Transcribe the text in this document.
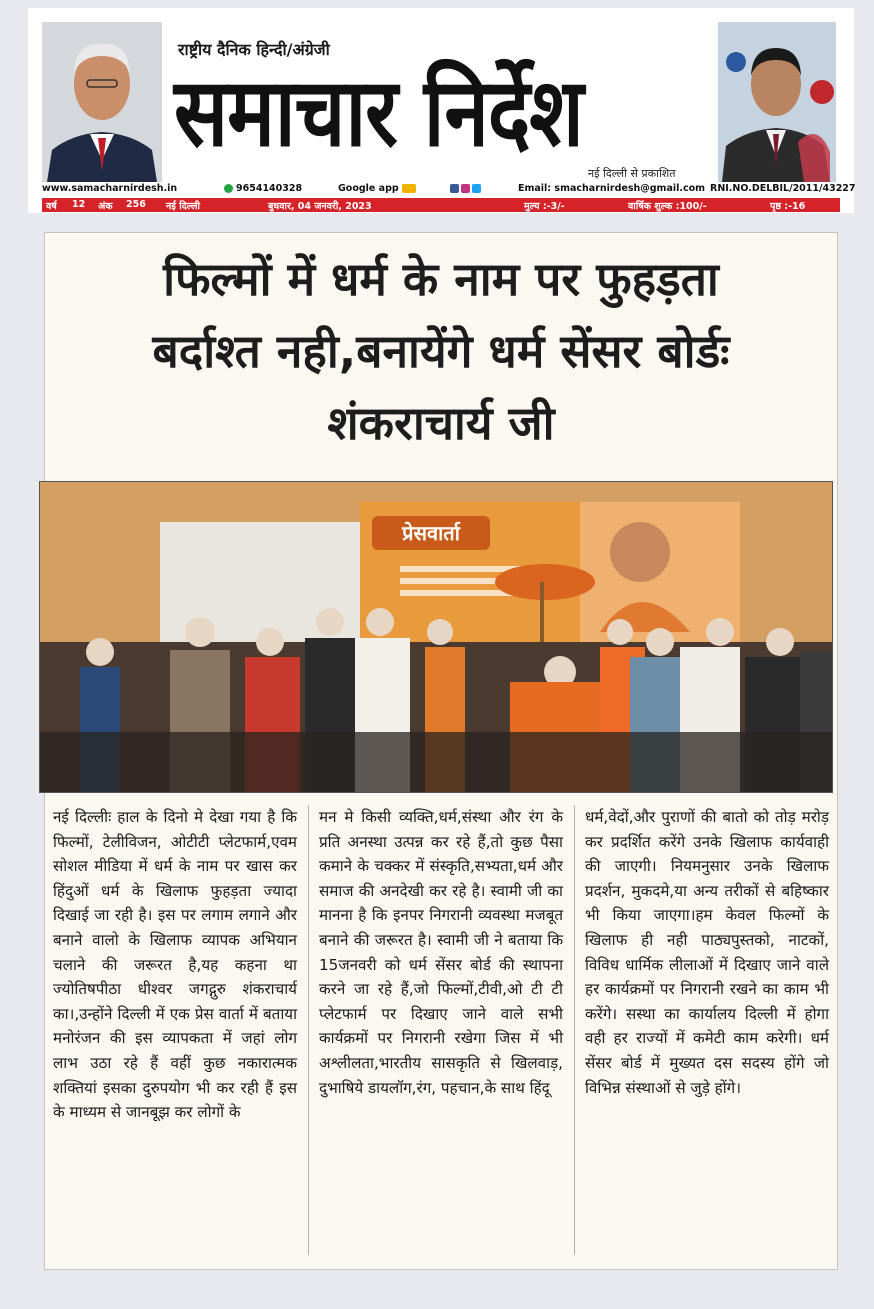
राष्ट्रीय दैनिक हिन्दी/अंग्रेजी
समाचार निर्देश
नई दिल्ली से प्रकाशित
www.samacharnirdesh.in	9654140328	Google app	Email: smacharnirdesh@gmail.com RNI.NO.DELBIL/2011/43227
वर्ष 12 अंक 256 नई दिल्ली	बुधवार, 04 जनवरी, 2023	मुल्य :-3/-	वार्षिक शुल्क :100/-	पृष्ठ :-16
फिल्मों में धर्म के नाम पर फुहड़ता
बर्दाश्त नही,बनायेंगे धर्म सेंसर बोर्डः
शंकराचार्य जी
प्रेसवार्ता
नई दिल्लीः हाल के दिनो मे देखा गया है कि फिल्मों, टेलीविजन, ओटीटी प्लेटफार्म,एवम सोशल मीडिया में धर्म के नाम पर खास कर हिंदुओं धर्म के खिलाफ फुहड़ता ज्यादा दिखाई जा रही है। इस पर लगाम लगाने और बनाने वालो के खिलाफ व्यापक अभियान चलाने की जरूरत है,यह कहना था ज्योतिषपीठा धीश्वर जगद्गुरु शंकराचार्य का।,उन्होंने दिल्ली में एक प्रेस वार्ता में बताया मनोरंजन की इस व्यापकता में जहां लोग लाभ उठा रहे हैं वहीं कुछ नकारात्मक शक्तियां इसका दुरुपयोग भी कर रही हैं इस के माध्यम से जानबूझ कर लोगों के
मन मे किसी व्यक्ति,धर्म,संस्था और रंग के प्रति अनस्था उत्पन्न कर रहे हैं,तो कुछ पैसा कमाने के चक्कर में संस्कृति,सभ्यता,धर्म और समाज की अनदेखी कर रहे है। स्वामी जी का मानना है कि इनपर निगरानी व्यवस्था मजबूत बनाने की जरूरत है। स्वामी जी ने बताया कि 15जनवरी को धर्म सेंसर बोर्ड की स्थापना करने जा रहे हैं,जो फिल्मों,टीवी,ओ टी टी प्लेटफार्म पर दिखाए जाने वाले सभी कार्यक्रमों पर निगरानी रखेगा जिस में भी अश्लीलता,भारतीय सासकृति से खिलवाड़, दुभाषिये डायलॉग,रंग, पहचान,के साथ हिंदू
धर्म,वेदों,और पुराणों की बातो को तोड़ मरोड़ कर प्रदर्शित करेंगे उनके खिलाफ कार्यवाही की जाएगी। नियमनुसार उनके खिलाफ प्रदर्शन, मुकदमे,या अन्य तरीकों से बहिष्कार भी किया जाएगा।हम केवल फिल्मों के खिलाफ ही नही पाठ्यपुस्तको, नाटकों, विविध धार्मिक लीलाओं में दिखाए जाने वाले हर कार्यक्रमों पर निगरानी रखने का काम भी करेंगे। सस्था का कार्यालय दिल्ली में होगा वही हर राज्यों में कमेटी काम करेगी। धर्म सेंसर बोर्ड में मुख्यत दस सदस्य होंगे जो विभिन्न संस्थाओं से जुड़े होंगे।
